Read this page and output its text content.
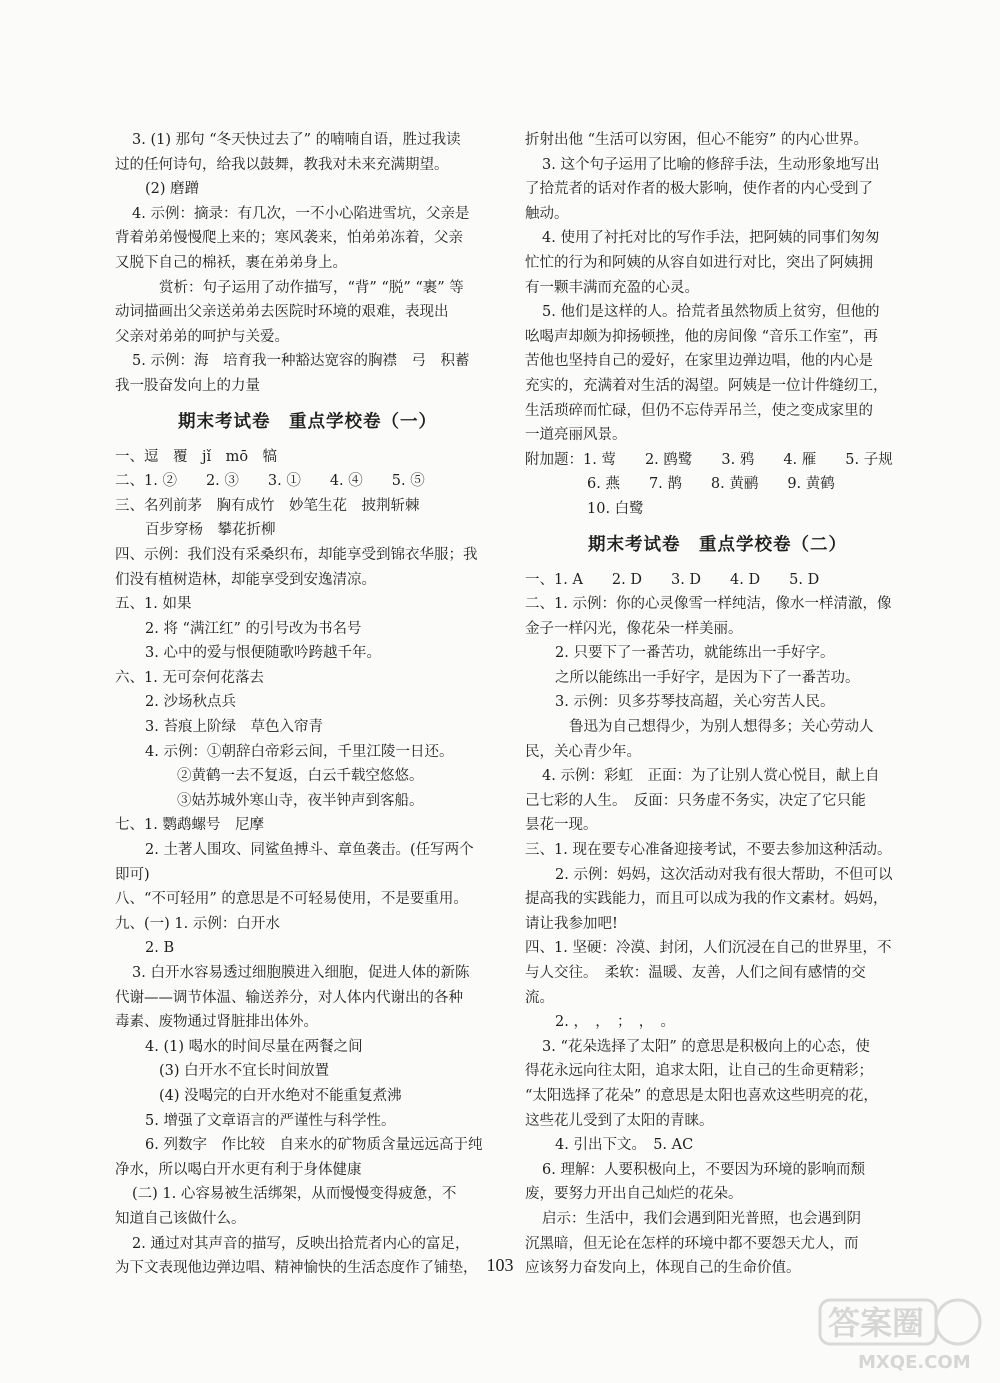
3. (1) 那句 “冬天快过去了” 的喃喃自语，胜过我读
过的任何诗句，给我以鼓舞，教我对未来充满期望。
(2) 磨蹭
4. 示例：摘录：有几次，一不小心陷进雪坑，父亲是
背着弟弟慢慢爬上来的；寒风袭来，怕弟弟冻着，父亲
又脱下自己的棉袄，裹在弟弟身上。
赏析：句子运用了动作描写，“背” “脱” “裹” 等
动词描画出父亲送弟弟去医院时环境的艰难，表现出
父亲对弟弟的呵护与关爱。
5. 示例：海　培育我一种豁达宽容的胸襟　弓　积蓄
我一股奋发向上的力量
期末考试卷　重点学校卷（一）
一、逗　覆　jǐ　mō　犒
二、1. ②　　2. ③　　3. ①　　4. ④　　5. ⑤
三、名列前茅　胸有成竹　妙笔生花　披荆斩棘
百步穿杨　攀花折柳
四、示例：我们没有采桑织布，却能享受到锦衣华服；我
们没有植树造林，却能享受到安逸清凉。
五、1. 如果
2. 将 “满江红” 的引号改为书名号
3. 心中的爱与恨便随歌吟跨越千年。
六、1. 无可奈何花落去
2. 沙场秋点兵
3. 苔痕上阶绿　草色入帘青
4. 示例：①朝辞白帝彩云间，千里江陵一日还。
②黄鹤一去不复返，白云千载空悠悠。
③姑苏城外寒山寺，夜半钟声到客船。
七、1. 鹦鹉螺号　尼摩
2. 土著人围攻、同鲨鱼搏斗、章鱼袭击。(任写两个
即可)
八、“不可轻用” 的意思是不可轻易使用，不是要重用。
九、(一) 1. 示例：白开水
2. B
3. 白开水容易透过细胞膜进入细胞，促进人体的新陈
代谢——调节体温、输送养分，对人体内代谢出的各种
毒素、废物通过肾脏排出体外。
4. (1) 喝水的时间尽量在两餐之间
(3) 白开水不宜长时间放置
(4) 没喝完的白开水绝对不能重复煮沸
5. 增强了文章语言的严谨性与科学性。
6. 列数字　作比较　自来水的矿物质含量远远高于纯
净水，所以喝白开水更有利于身体健康
(二) 1. 心容易被生活绑架，从而慢慢变得疲惫，不
知道自己该做什么。
2. 通过对其声音的描写，反映出拾荒者内心的富足，
为下文表现他边弹边唱、精神愉快的生活态度作了铺垫，
折射出他 “生活可以穷困，但心不能穷” 的内心世界。
3. 这个句子运用了比喻的修辞手法，生动形象地写出
了拾荒者的话对作者的极大影响，使作者的内心受到了
触动。
4. 使用了衬托对比的写作手法，把阿姨的同事们匆匆
忙忙的行为和阿姨的从容自如进行对比，突出了阿姨拥
有一颗丰满而充盈的心灵。
5. 他们是这样的人。拾荒者虽然物质上贫穷，但他的
吆喝声却颇为抑扬顿挫，他的房间像 “音乐工作室”，再
苦他也坚持自己的爱好，在家里边弹边唱，他的内心是
充实的，充满着对生活的渴望。阿姨是一位计件缝纫工，
生活琐碎而忙碌，但仍不忘侍弄吊兰，使之变成家里的
一道亮丽风景。
附加题：1. 莺　　2. 鸥鹭　　3. 鸦　　4. 雁　　5. 子规
6. 燕　　7. 鹊　　8. 黄鹂　　9. 黄鹤
10. 白鹭
期末考试卷　重点学校卷（二）
一、1. A　　2. D　　3. D　　4. D　　5. D
二、1. 示例：你的心灵像雪一样纯洁，像水一样清澈，像
金子一样闪光，像花朵一样美丽。
2. 只要下了一番苦功，就能练出一手好字。
之所以能练出一手好字，是因为下了一番苦功。
3. 示例：贝多芬琴技高超，关心穷苦人民。
鲁迅为自己想得少，为别人想得多；关心劳动人
民，关心青少年。
4. 示例：彩虹　正面：为了让别人赏心悦目，献上自
己七彩的人生。　反面：只务虚不务实，决定了它只能
昙花一现。
三、1. 现在要专心准备迎接考试，不要去参加这种活动。
2. 示例：妈妈，这次活动对我有很大帮助，不但可以
提高我的实践能力，而且可以成为我的作文素材。妈妈，
请让我参加吧!
四、1. 坚硬：冷漠、封闭，人们沉浸在自己的世界里，不
与人交往。　柔软：温暖、友善，人们之间有感情的交
流。
2. ，　，　；　，　。
3. “花朵选择了太阳” 的意思是积极向上的心态，使
得花永远向往太阳，追求太阳，让自己的生命更精彩；
“太阳选择了花朵” 的意思是太阳也喜欢这些明亮的花，
这些花儿受到了太阳的青睐。
4. 引出下文。　5. AC
6. 理解：人要积极向上，不要因为环境的影响而颓
废，要努力开出自己灿烂的花朵。
启示：生活中，我们会遇到阳光普照，也会遇到阴
沉黑暗，但无论在怎样的环境中都不要怨天尤人，而
应该努力奋发向上，体现自己的生命价值。
103
答案圈
MXQE.COM
